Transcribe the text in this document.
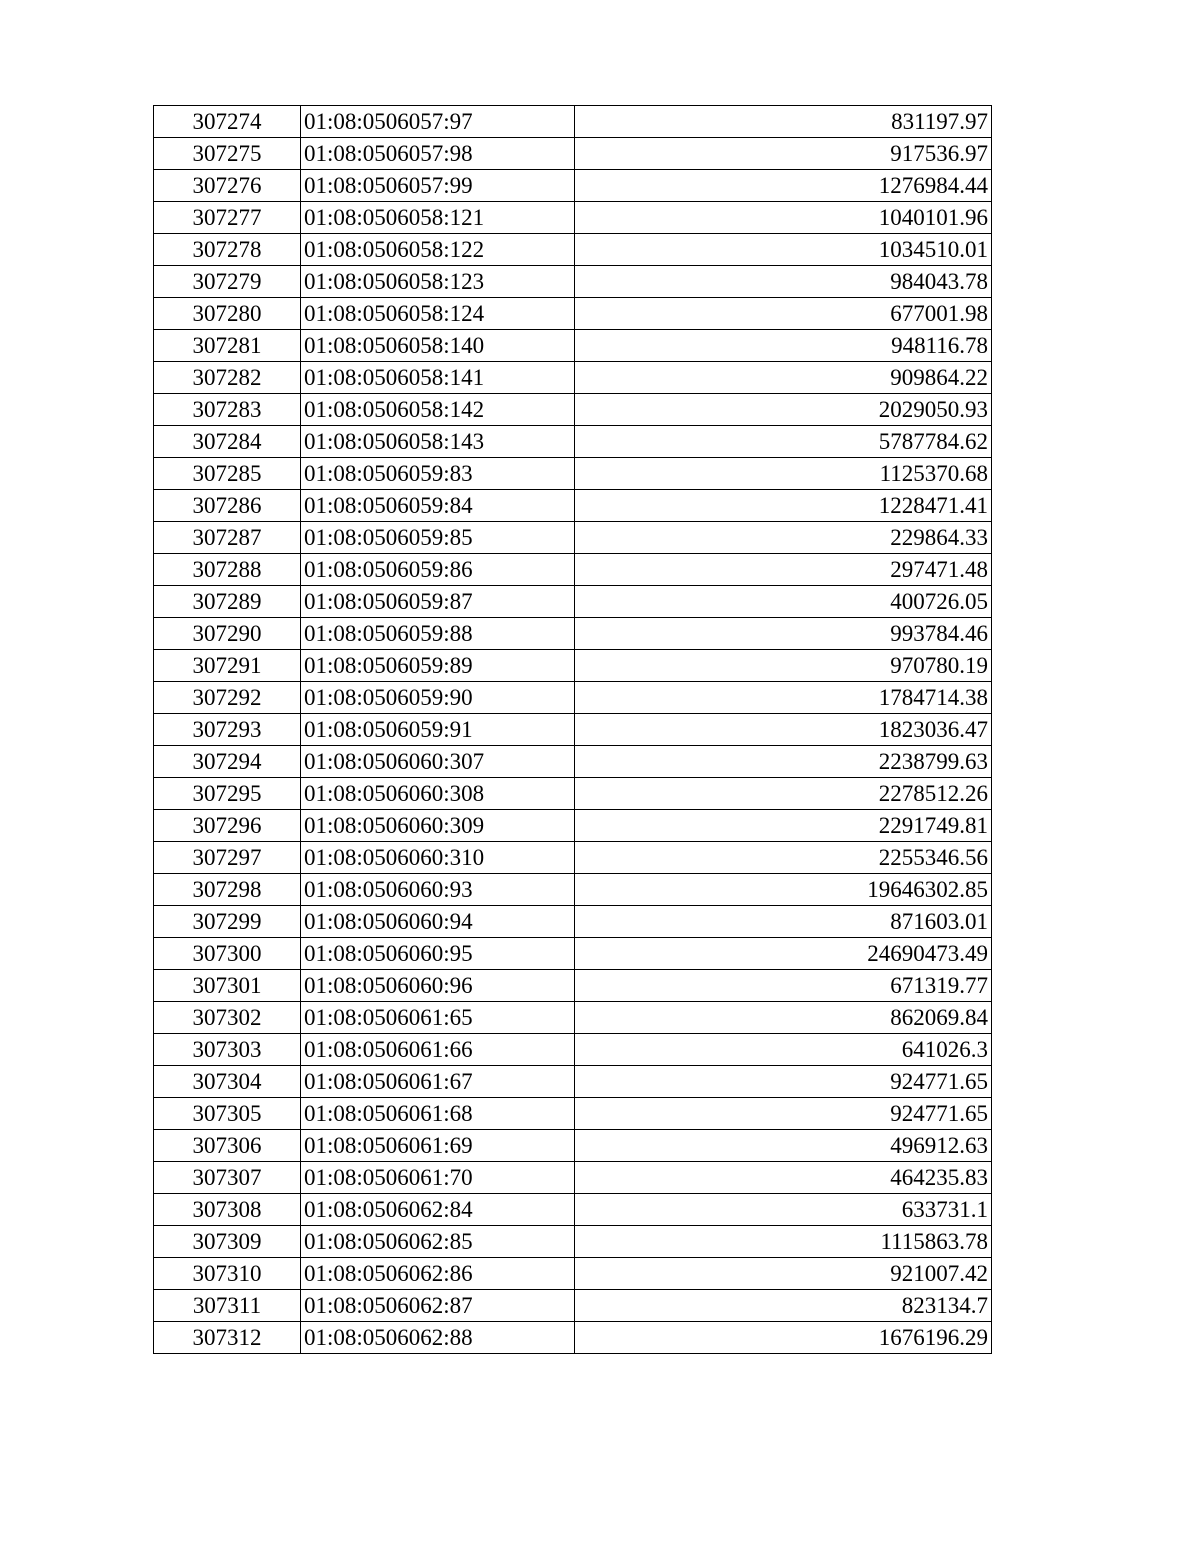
307274	01:08:0506057:97	831197.97
307275	01:08:0506057:98	917536.97
307276	01:08:0506057:99	1276984.44
307277	01:08:0506058:121	1040101.96
307278	01:08:0506058:122	1034510.01
307279	01:08:0506058:123	984043.78
307280	01:08:0506058:124	677001.98
307281	01:08:0506058:140	948116.78
307282	01:08:0506058:141	909864.22
307283	01:08:0506058:142	2029050.93
307284	01:08:0506058:143	5787784.62
307285	01:08:0506059:83	1125370.68
307286	01:08:0506059:84	1228471.41
307287	01:08:0506059:85	229864.33
307288	01:08:0506059:86	297471.48
307289	01:08:0506059:87	400726.05
307290	01:08:0506059:88	993784.46
307291	01:08:0506059:89	970780.19
307292	01:08:0506059:90	1784714.38
307293	01:08:0506059:91	1823036.47
307294	01:08:0506060:307	2238799.63
307295	01:08:0506060:308	2278512.26
307296	01:08:0506060:309	2291749.81
307297	01:08:0506060:310	2255346.56
307298	01:08:0506060:93	19646302.85
307299	01:08:0506060:94	871603.01
307300	01:08:0506060:95	24690473.49
307301	01:08:0506060:96	671319.77
307302	01:08:0506061:65	862069.84
307303	01:08:0506061:66	641026.3
307304	01:08:0506061:67	924771.65
307305	01:08:0506061:68	924771.65
307306	01:08:0506061:69	496912.63
307307	01:08:0506061:70	464235.83
307308	01:08:0506062:84	633731.1
307309	01:08:0506062:85	1115863.78
307310	01:08:0506062:86	921007.42
307311	01:08:0506062:87	823134.7
307312	01:08:0506062:88	1676196.29
